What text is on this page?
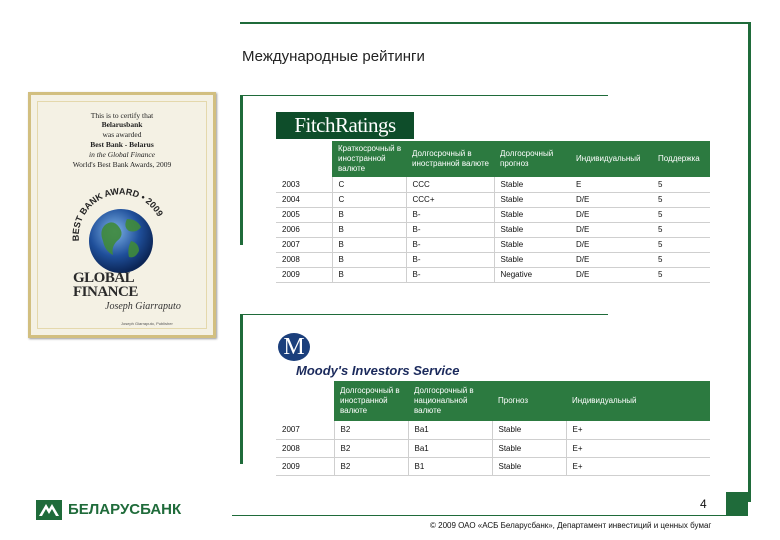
Международные рейтинги
This is to certify that
Belarusbank
was awarded
Best Bank - Belarus
in the Global Finance
World's Best Bank Awards, 2009
BEST BANK AWARD • 2009
GLOBAL
FINANCE
Joseph Giarraputo
Joseph Giarraputo, Publisher
FitchRatings
	Краткосрочный в иностранной валюте	Долгосрочный в иностранной валюте	Долгосрочный прогноз	Индивидуальный	Поддержка
2003	C	CCC	Stable	E	5
2004	C	CCC+	Stable	D/E	5
2005	B	B-	Stable	D/E	5
2006	B	B-	Stable	D/E	5
2007	B	B-	Stable	D/E	5
2008	B	B-	Stable	D/E	5
2009	B	B-	Negative	D/E	5
M
Moody's Investors Service
	Долгосрочный в иностранной валюте	Долгосрочный в национальной валюте	Прогноз	Индивидуальный
2007	B2	Ba1	Stable	E+
2008	B2	Ba1	Stable	E+
2009	B2	B1	Stable	E+
БЕЛАРУСБАНК	4
© 2009 ОАО «АСБ Беларусбанк», Департамент инвестиций и ценных бумаг
